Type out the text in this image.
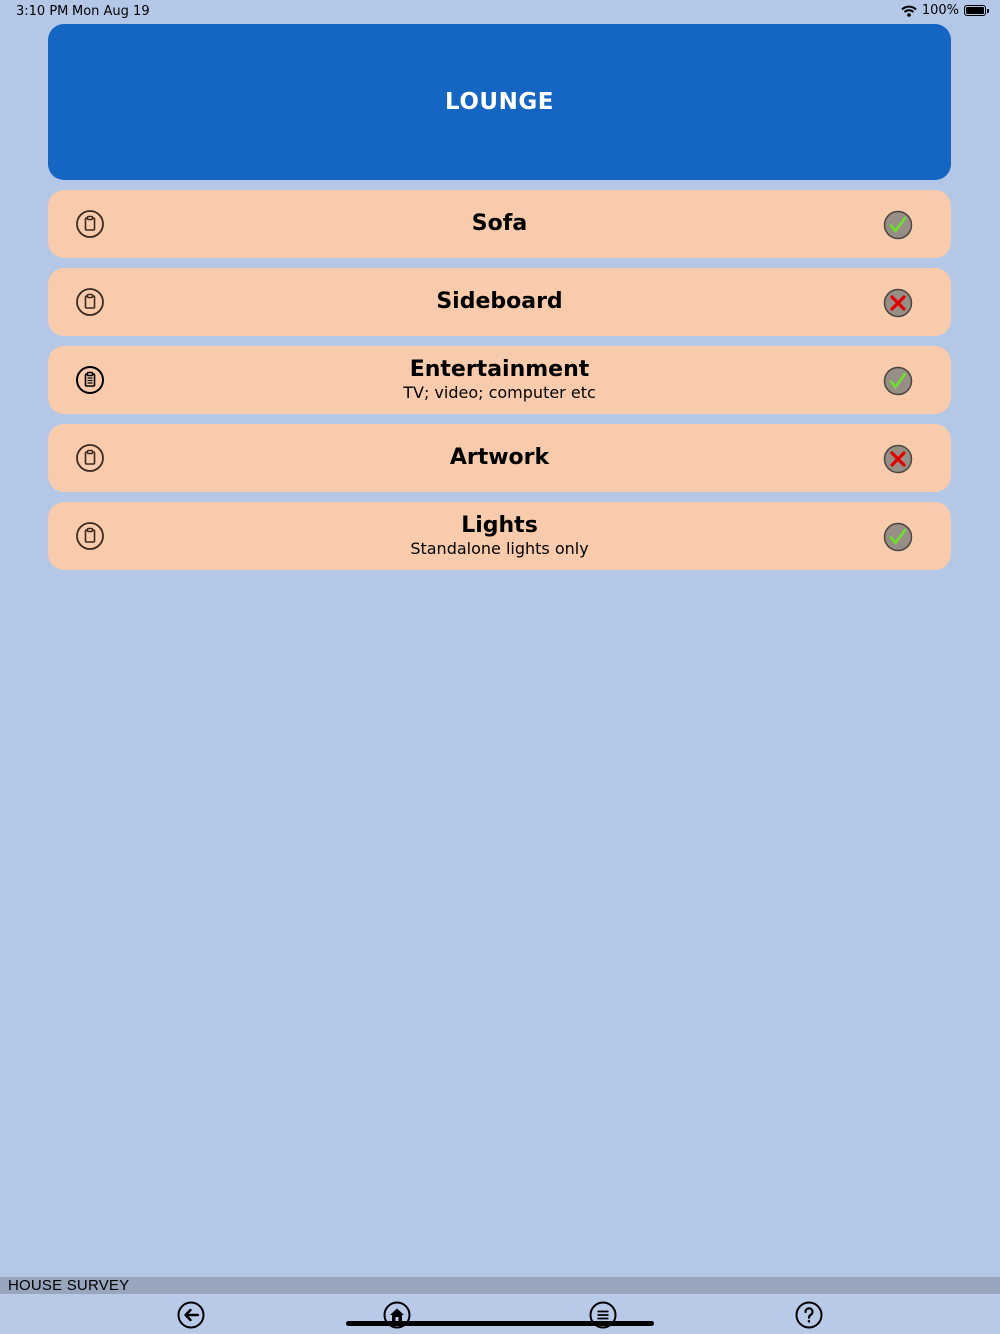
3:10 PM Mon Aug 19	100%
LOUNGE
Sofa
Sideboard
Entertainment
TV; video; computer etc
Artwork
Lights
Standalone lights only
HOUSE SURVEY
